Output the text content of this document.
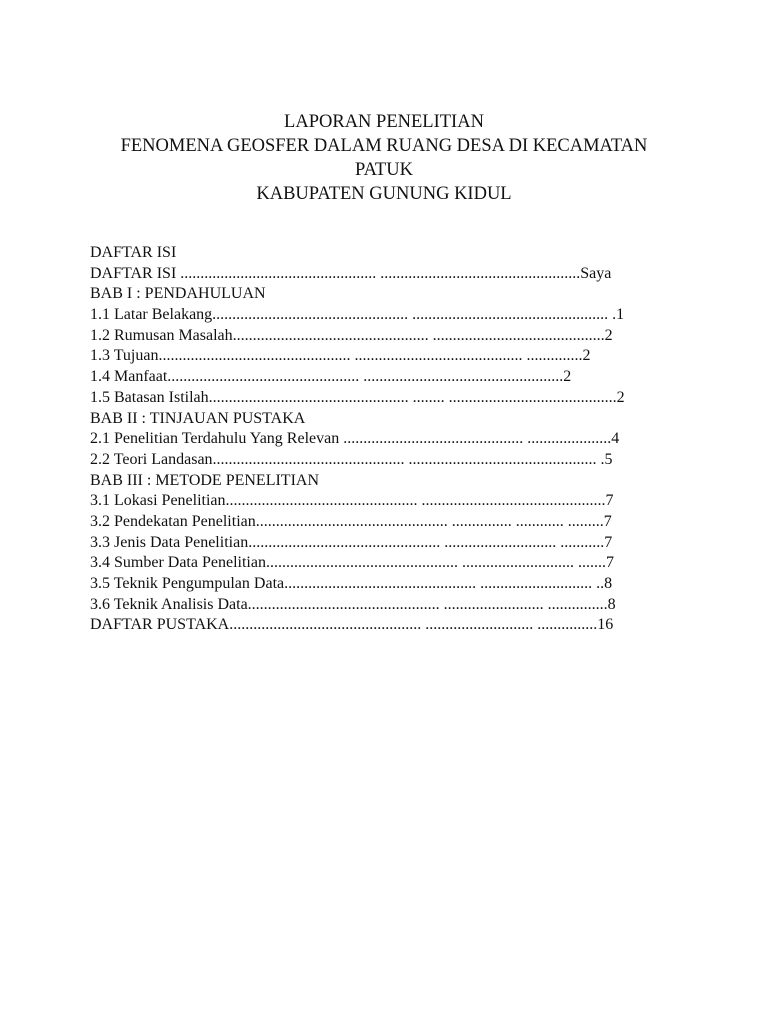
LAPORAN PENELITIAN
FENOMENA GEOSFER DALAM RUANG DESA DI KECAMATAN
PATUK
KABUPATEN GUNUNG KIDUL
DAFTAR ISI
DAFTAR ISI ................................................. ..................................................Saya
BAB I : PENDAHULUAN
1.1 Latar Belakang................................................. ................................................. .1
1.2 Rumusan Masalah................................................. ...........................................2
1.3 Tujuan................................................ .......................................... ..............2
1.4 Manfaat................................................ ..................................................2
1.5 Batasan Istilah.................................................. ........ ..........................................2
BAB II : TINJAUAN PUSTAKA
2.1 Penelitian Terdahulu Yang Relevan ............................................. .....................4
2.2 Teori Landasan................................................ ............................................... .5
BAB III : METODE PENELITIAN
3.1 Lokasi Penelitian................................................ ..............................................7
3.2 Pendekatan Penelitian................................................ ............... ............ .........7
3.3 Jenis Data Penelitian................................................ ............................ ...........7
3.4 Sumber Data Penelitian................................................ ............................ .......7
3.5 Teknik Pengumpulan Data................................................ ............................ ..8
3.6 Teknik Analisis Data................................................ ......................... ...............8
DAFTAR PUSTAKA................................................ ........................... ...............16
